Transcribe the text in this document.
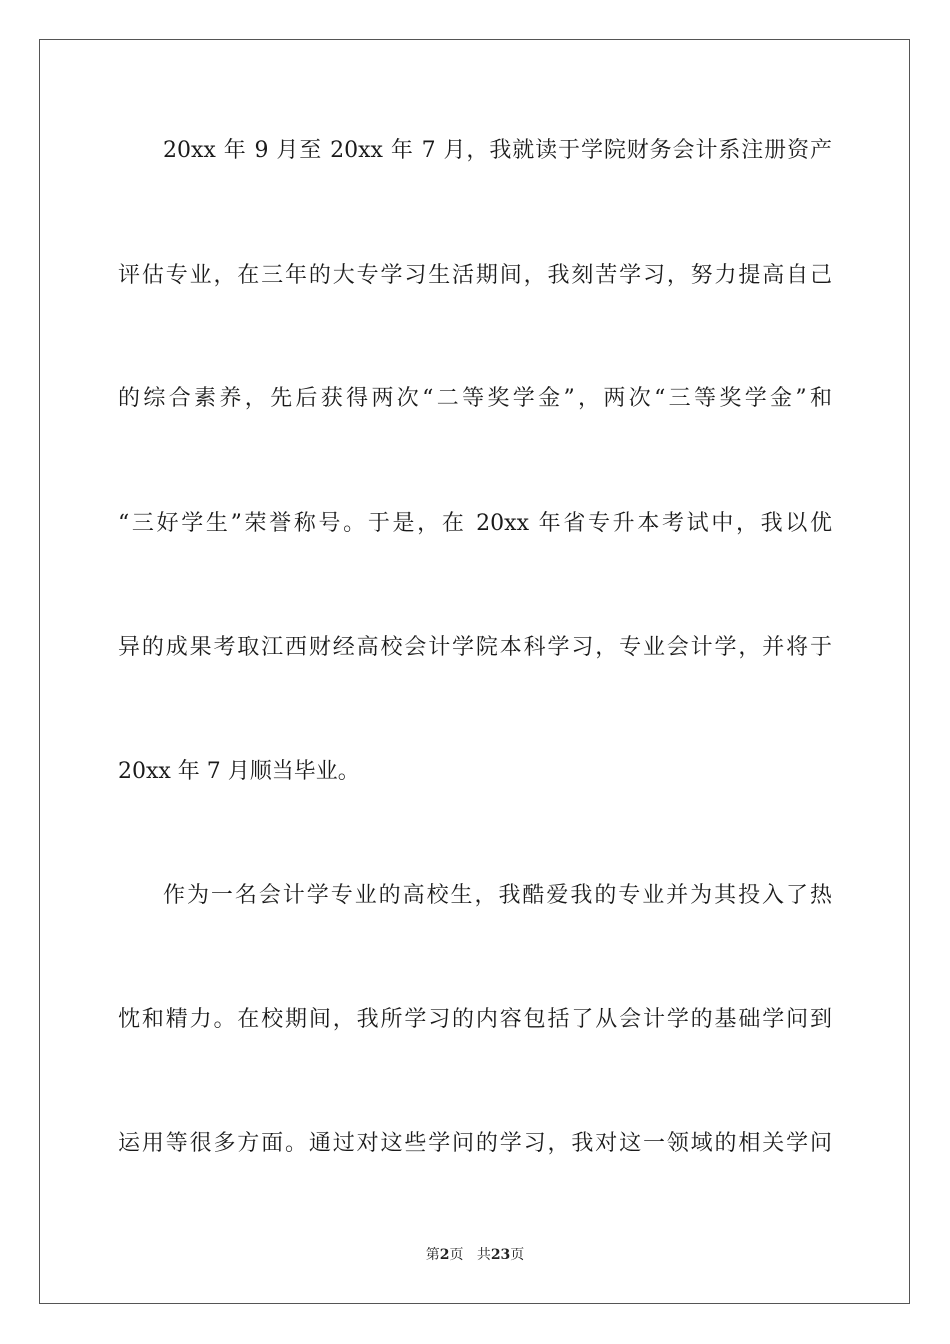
20xx 年 9 月至 20xx 年 7 月，我就读于学院财务会计系注册资产
评估专业，在三年的大专学习生活期间，我刻苦学习，努力提高自己
的综合素养，先后获得两次“二等奖学金”，两次“三等奖学金”和
“三好学生”荣誉称号。于是，在 20xx 年省专升本考试中，我以优
异的成果考取江西财经高校会计学院本科学习，专业会计学，并将于
20xx 年 7 月顺当毕业。
作为一名会计学专业的高校生，我酷爱我的专业并为其投入了热
忱和精力。在校期间，我所学习的内容包括了从会计学的基础学问到
运用等很多方面。通过对这些学问的学习，我对这一领域的相关学问
第2页 共23页
